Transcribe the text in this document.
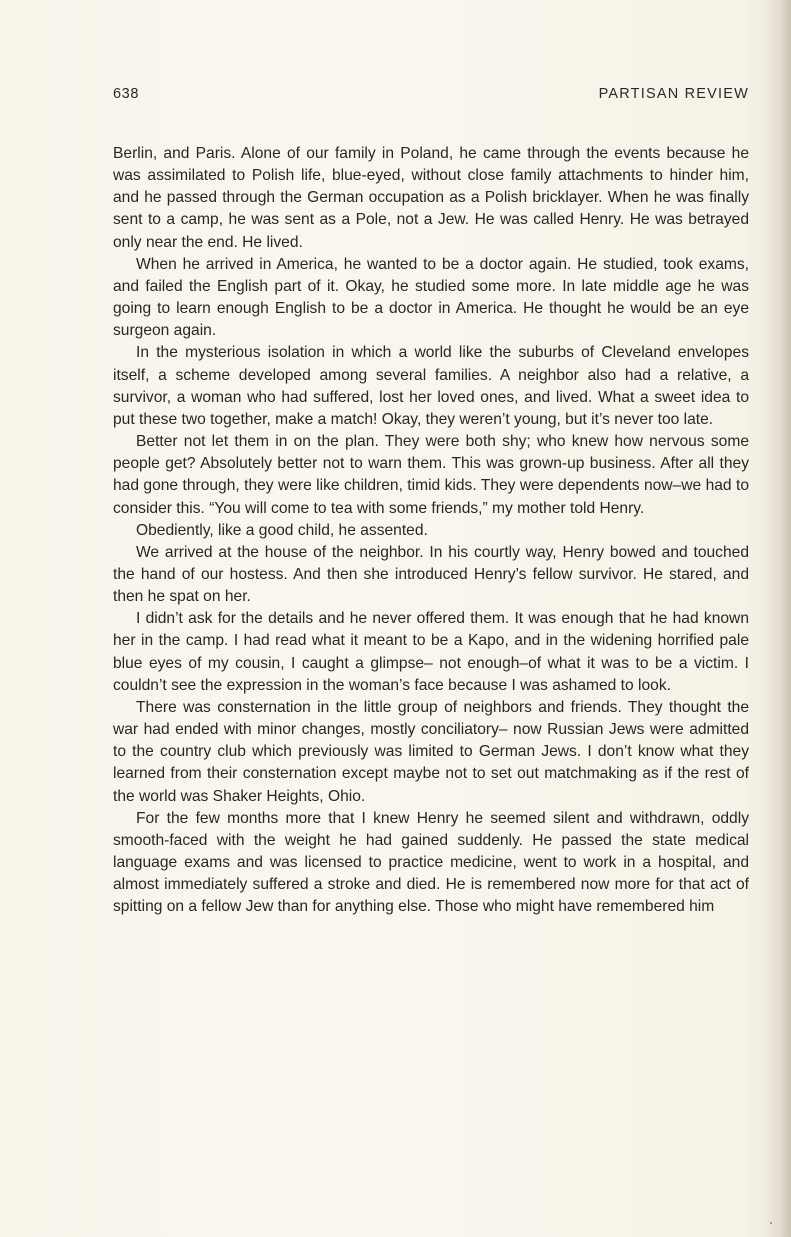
638	PARTISAN REVIEW

Berlin, and Paris. Alone of our family in Poland, he came through the events because he was assimilated to Polish life, blue-eyed, without close family attachments to hinder him, and he passed through the German occupation as a Polish bricklayer. When he was finally sent to a camp, he was sent as a Pole, not a Jew. He was called Henry. He was betrayed only near the end. He lived.

When he arrived in America, he wanted to be a doctor again. He studied, took exams, and failed the English part of it. Okay, he studied some more. In late middle age he was going to learn enough English to be a doctor in America. He thought he would be an eye surgeon again.

In the mysterious isolation in which a world like the suburbs of Cleveland envelopes itself, a scheme developed among several families. A neighbor also had a relative, a survivor, a woman who had suffered, lost her loved ones, and lived. What a sweet idea to put these two together, make a match! Okay, they weren’t young, but it’s never too late.

Better not let them in on the plan. They were both shy; who knew how nervous some people get? Absolutely better not to warn them. This was grown-up business. After all they had gone through, they were like children, timid kids. They were dependents now–we had to consider this. “You will come to tea with some friends,” my mother told Henry.

Obediently, like a good child, he assented.

We arrived at the house of the neighbor. In his courtly way, Henry bowed and touched the hand of our hostess. And then she introduced Henry’s fellow survivor. He stared, and then he spat on her.

I didn’t ask for the details and he never offered them. It was enough that he had known her in the camp. I had read what it meant to be a Kapo, and in the widening horrified pale blue eyes of my cousin, I caught a glimpse– not enough–of what it was to be a victim. I couldn’t see the expression in the woman’s face because I was ashamed to look.

There was consternation in the little group of neighbors and friends. They thought the war had ended with minor changes, mostly conciliatory– now Russian Jews were admitted to the country club which previously was limited to German Jews. I don’t know what they learned from their consternation except maybe not to set out matchmaking as if the rest of the world was Shaker Heights, Ohio.

For the few months more that I knew Henry he seemed silent and withdrawn, oddly smooth-faced with the weight he had gained suddenly. He passed the state medical language exams and was licensed to practice medicine, went to work in a hospital, and almost immediately suffered a stroke and died. He is remembered now more for that act of spitting on a fellow Jew than for anything else. Those who might have remembered him
